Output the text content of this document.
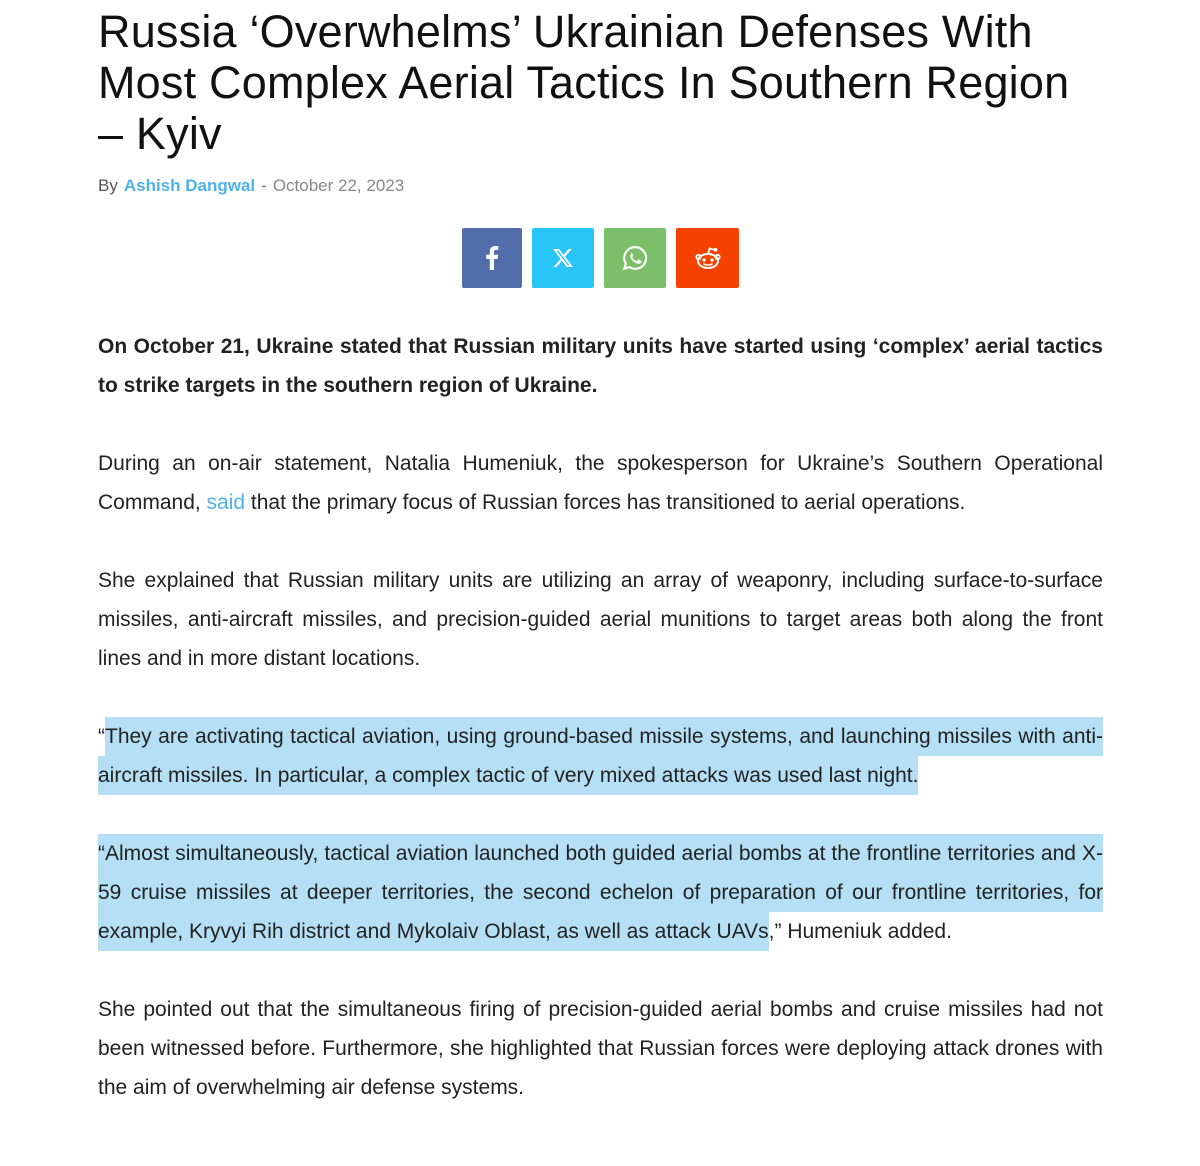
Russia ‘Overwhelms’ Ukrainian Defenses With Most Complex Aerial Tactics In Southern Region – Kyiv
By Ashish Dangwal - October 22, 2023

On October 21, Ukraine stated that Russian military units have started using ‘complex’ aerial tactics to strike targets in the southern region of Ukraine.

During an on-air statement, Natalia Humeniuk, the spokesperson for Ukraine’s Southern Operational Command, said that the primary focus of Russian forces has transitioned to aerial operations.

She explained that Russian military units are utilizing an array of weaponry, including surface-to-surface missiles, anti-aircraft missiles, and precision-guided aerial munitions to target areas both along the front lines and in more distant locations.

“They are activating tactical aviation, using ground-based missile systems, and launching missiles with anti-aircraft missiles. In particular, a complex tactic of very mixed attacks was used last night.

“Almost simultaneously, tactical aviation launched both guided aerial bombs at the frontline territories and X-59 cruise missiles at deeper territories, the second echelon of preparation of our frontline territories, for example, Kryvyi Rih district and Mykolaiv Oblast, as well as attack UAVs,” Humeniuk added.

She pointed out that the simultaneous firing of precision-guided aerial bombs and cruise missiles had not been witnessed before. Furthermore, she highlighted that Russian forces were deploying attack drones with the aim of overwhelming air defense systems.
